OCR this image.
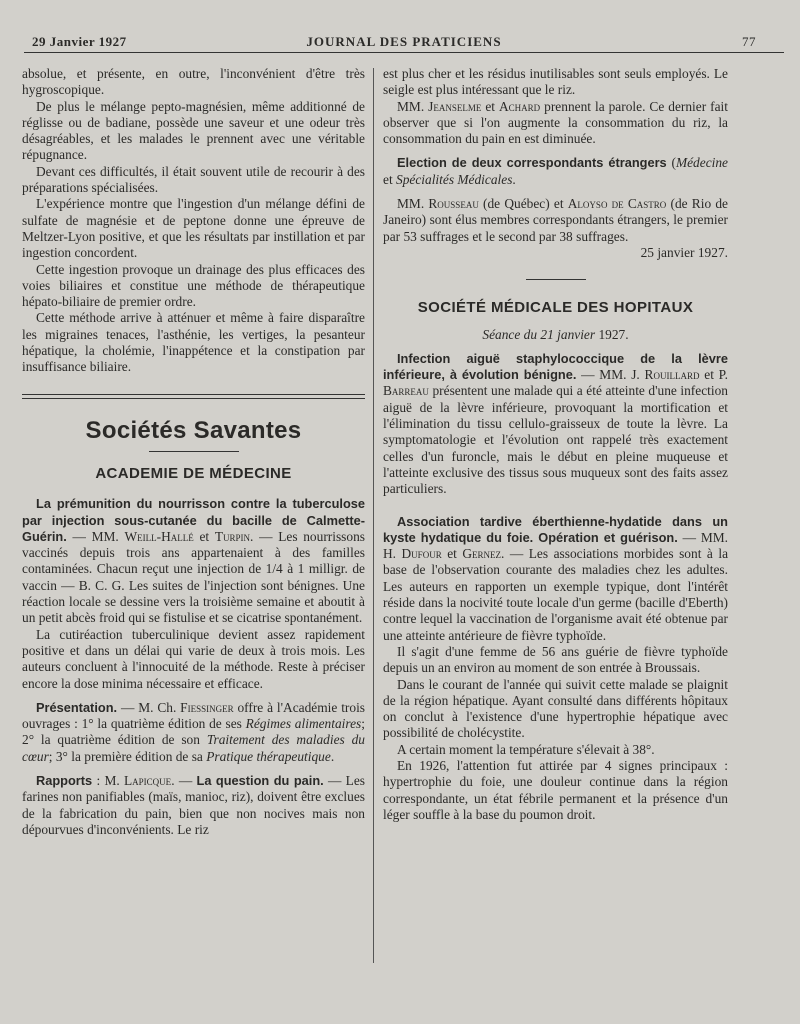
29 Janvier 1927	JOURNAL DES PRATICIENS	77

absolue, et présente, en outre, l'inconvénient d'être très hygroscopique.

De plus le mélange pepto-magnésien, même additionné de réglisse ou de badiane, possède une saveur et une odeur très désagréables, et les malades le prennent avec une véritable répugnance.

Devant ces difficultés, il était souvent utile de recourir à des préparations spécialisées.

L'expérience montre que l'ingestion d'un mélange défini de sulfate de magnésie et de peptone donne une épreuve de Meltzer-Lyon positive, et que les résultats par instillation et par ingestion concordent.

Cette ingestion provoque un drainage des plus efficaces des voies biliaires et constitue une méthode de thérapeutique hépato-biliaire de premier ordre.

Cette méthode arrive à atténuer et même à faire disparaître les migraines tenaces, l'asthénie, les vertiges, la pesanteur hépatique, la cholémie, l'inappétence et la constipation par insuffisance biliaire.

Sociétés Savantes
ACADEMIE DE MÉDECINE

La prémunition du nourrisson contre la tuberculose par injection sous-cutanée du bacille de Calmette-Guérin. — MM. Weill-Hallé et Turpin. — Les nourrissons vaccinés depuis trois ans appartenaient à des familles contaminées. Chacun reçut une injection de 1/4 à 1 milligr. de vaccin — B. C. G. Les suites de l'injection sont bénignes. Une réaction locale se dessine vers la troisième semaine et aboutit à un petit abcès froid qui se fistulise et se cicatrise spontanément.

La cutiréaction tuberculinique devient assez rapidement positive et dans un délai qui varie de deux à trois mois. Les auteurs concluent à l'innocuité de la méthode. Reste à préciser encore la dose minima nécessaire et efficace.

Présentation. — M. Ch. Fiessinger offre à l'Académie trois ouvrages : 1° la quatrième édition de ses Régimes alimentaires; 2° la quatrième édition de son Traitement des maladies du cœur; 3° la première édition de sa Pratique thérapeutique.

Rapports : M. Lapicque. — La question du pain. — Les farines non panifiables (maïs, manioc, riz), doivent être exclues de la fabrication du pain, bien que non nocives mais non dépourvues d'inconvénients. Le riz

est plus cher et les résidus inutilisables sont seuls employés. Le seigle est plus intéressant que le riz.

MM. Jeanselme et Achard prennent la parole. Ce dernier fait observer que si l'on augmente la consommation du riz, la consommation du pain en est diminuée.

Election de deux correspondants étrangers (Médecine et Spécialités Médicales.

MM. Rousseau (de Québec) et Aloyso de Castro (de Rio de Janeiro) sont élus membres correspondants étrangers, le premier par 53 suffrages et le second par 38 suffrages.

25 janvier 1927.

SOCIÉTÉ MÉDICALE DES HOPITAUX

Séance du 21 janvier 1927.

Infection aiguë staphylococcique de la lèvre inférieure, à évolution bénigne. — MM. J. Rouillard et P. Barreau présentent une malade qui a été atteinte d'une infection aiguë de la lèvre inférieure, provoquant la mortification et l'élimination du tissu cellulo-graisseux de toute la lèvre. La symptomatologie et l'évolution ont rappelé très exactement celles d'un furoncle, mais le début en pleine muqueuse et l'atteinte exclusive des tissus sous muqueux sont des faits assez particuliers.

Association tardive éberthienne-hydatide dans un kyste hydatique du foie. Opération et guérison. — MM. H. Dufour et Gernez. — Les associations morbides sont à la base de l'observation courante des maladies chez les adultes. Les auteurs en rapporten un exemple typique, dont l'intérêt réside dans la nocivité toute locale d'un germe (bacille d'Eberth) contre lequel la vaccination de l'organisme avait été obtenue par une atteinte antérieure de fièvre typhoïde.

Il s'agit d'une femme de 56 ans guérie de fièvre typhoïde depuis un an environ au moment de son entrée à Broussais.

Dans le courant de l'année qui suivit cette malade se plaignit de la région hépatique. Ayant consulté dans différents hôpitaux on conclut à l'existence d'une hypertrophie hépatique avec possibilité de cholécystite.

A certain moment la température s'élevait à 38°.

En 1926, l'attention fut attirée par 4 signes principaux : hypertrophie du foie, une douleur continue dans la région correspondante, un état fébrile permanent et la présence d'un léger souffle à la base du poumon droit.
